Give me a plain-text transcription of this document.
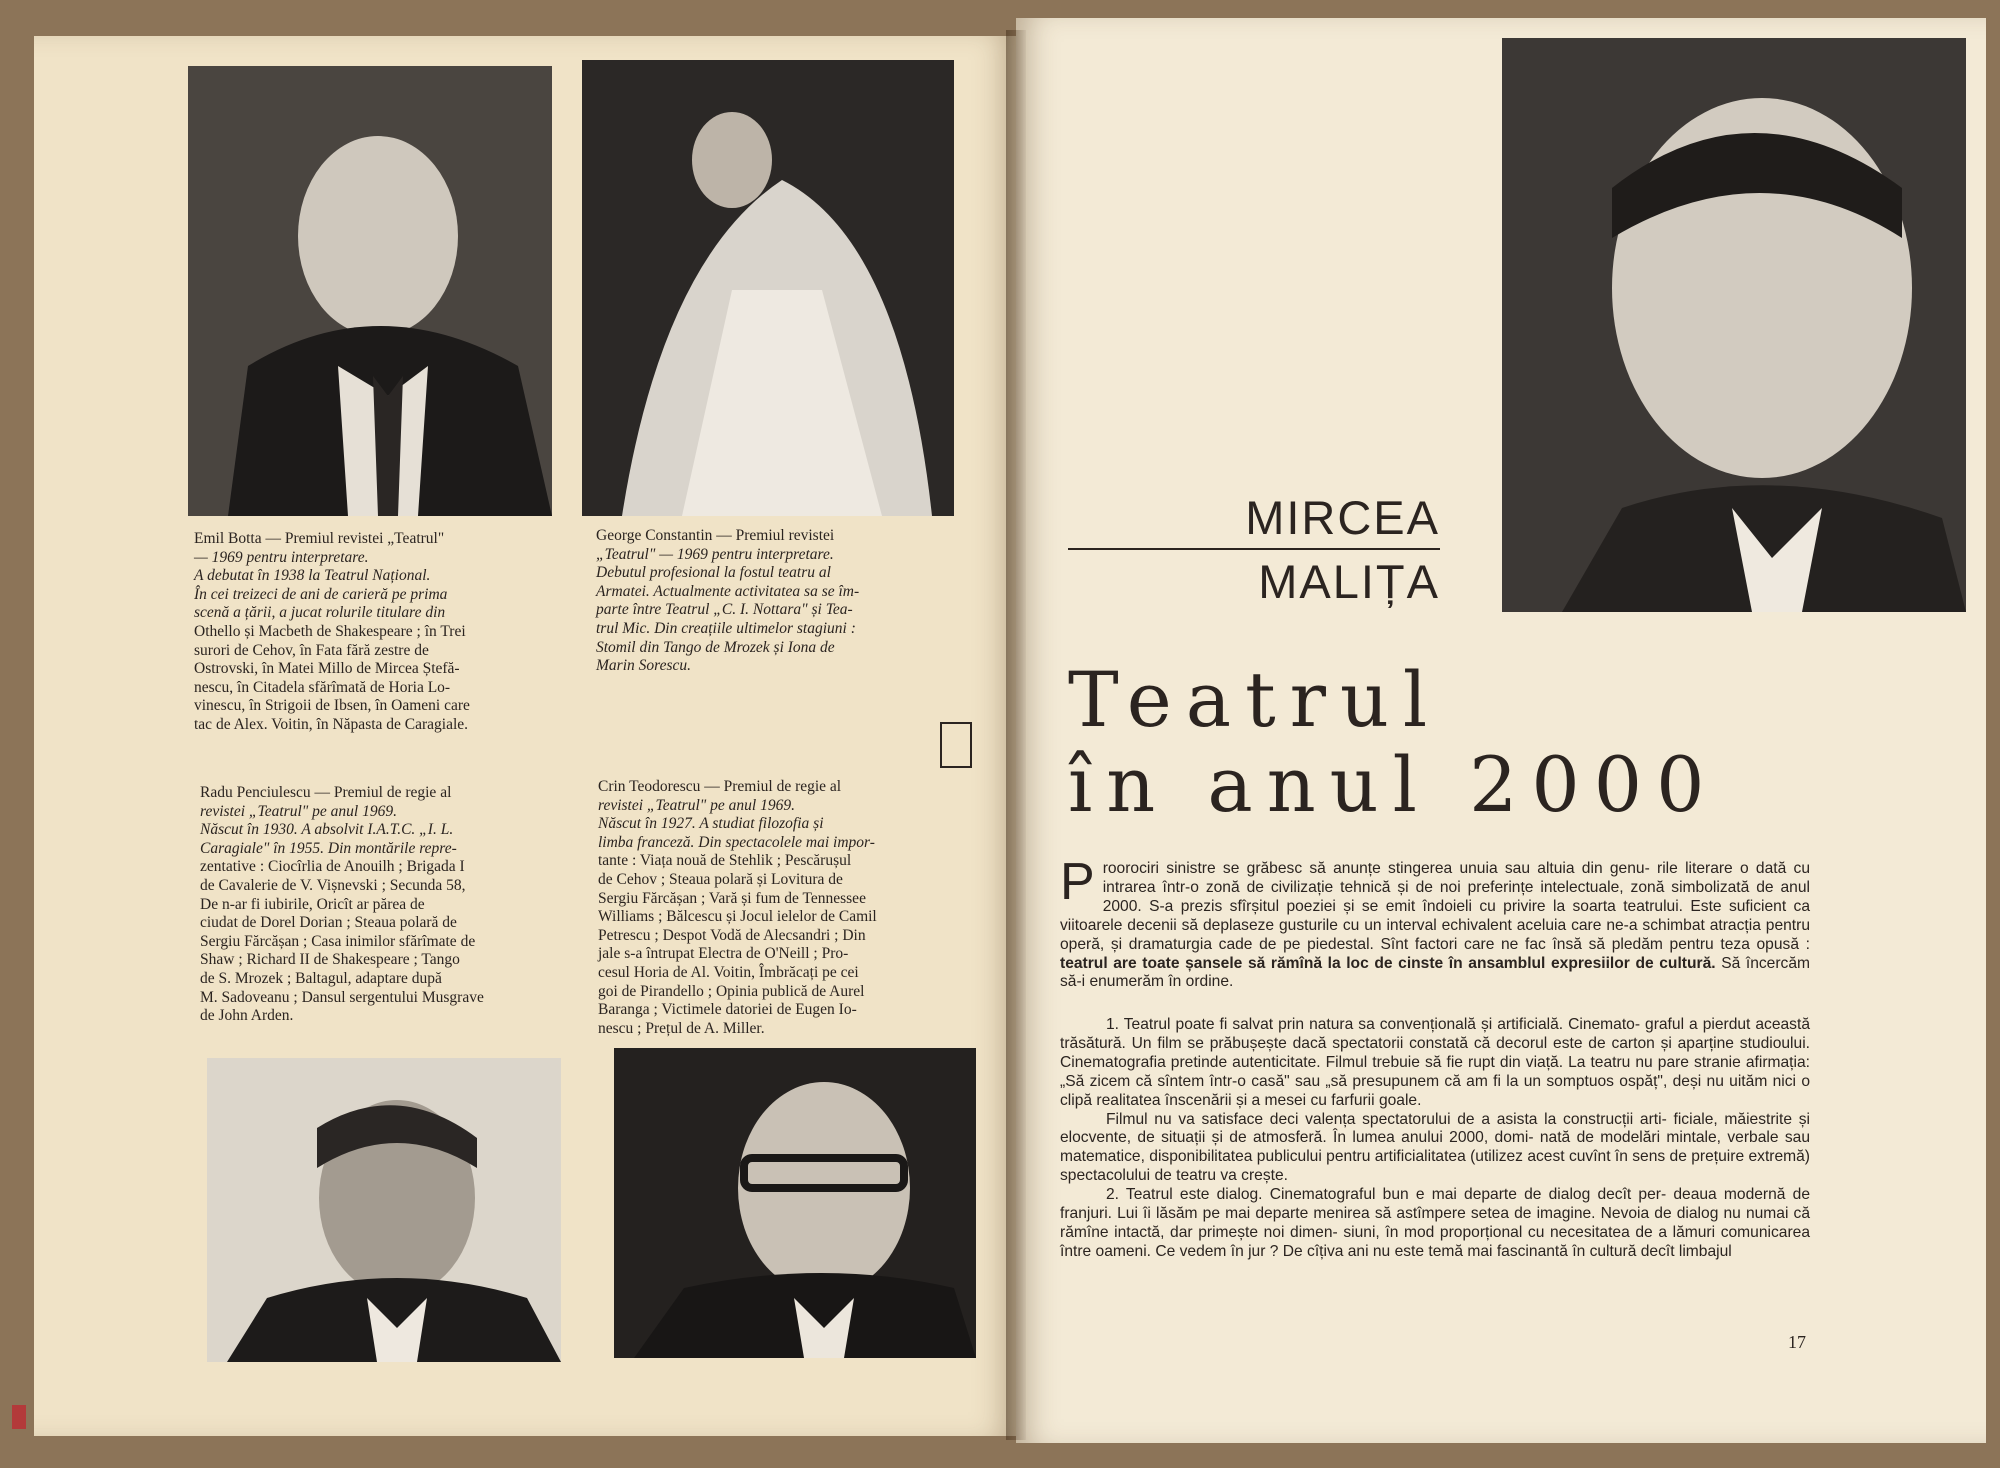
Emil Botta — Premiul revistei „Teatrul"
— 1969 pentru interpretare.
A debutat în 1938 la Teatrul Național.
În cei treizeci de ani de carieră pe prima
scenă a țării, a jucat rolurile titulare din
Othello și Macbeth de Shakespeare ; în Trei
surori de Cehov, în Fata fără zestre de
Ostrovski, în Matei Millo de Mircea Ștefă-
nescu, în Citadela sfărîmată de Horia Lo-
vinescu, în Strigoii de Ibsen, în Oameni care
tac de Alex. Voitin, în Năpasta de Caragiale.
George Constantin — Premiul revistei
„Teatrul" — 1969 pentru interpretare.
Debutul profesional la fostul teatru al
Armatei. Actualmente activitatea sa se îm-
parte între Teatrul „C. I. Nottara" și Tea-
trul Mic. Din creațiile ultimelor stagiuni :
Stomil din Tango de Mrozek și Iona de
Marin Sorescu.
Radu Penciulescu — Premiul de regie al
revistei „Teatrul" pe anul 1969.
Născut în 1930. A absolvit I.A.T.C. „I. L.
Caragiale" în 1955. Din montările repre-
zentative : Ciocîrlia de Anouilh ; Brigada I
de Cavalerie de V. Vișnevski ; Secunda 58,
De n-ar fi iubirile, Oricît ar părea de
ciudat de Dorel Dorian ; Steaua polară de
Sergiu Fărcășan ; Casa inimilor sfărîmate de
Shaw ; Richard II de Shakespeare ; Tango
de S. Mrozek ; Baltagul, adaptare după
M. Sadoveanu ; Dansul sergentului Musgrave
de John Arden.
Crin Teodorescu — Premiul de regie al
revistei „Teatrul" pe anul 1969.
Născut în 1927. A studiat filozofia și
limba franceză. Din spectacolele mai impor-
tante : Viața nouă de Stehlik ; Pescărușul
de Cehov ; Steaua polară și Lovitura de
Sergiu Fărcășan ; Vară și fum de Tennessee
Williams ; Bălcescu și Jocul ielelor de Camil
Petrescu ; Despot Vodă de Alecsandri ; Din
jale s-a întrupat Electra de O'Neill ; Pro-
cesul Horia de Al. Voitin, Îmbrăcați pe cei
goi de Pirandello ; Opinia publică de Aurel
Baranga ; Victimele datoriei de Eugen Io-
nescu ; Prețul de A. Miller.
MIRCEA
MALIȚA
Teatrul
în anul 2000
Proorociri sinistre se grăbesc să anunțe stingerea unuia sau altuia din genu- rile literare o dată cu intrarea într-o zonă de civilizație tehnică și de noi preferințe intelectuale, zonă simbolizată de anul 2000. S-a prezis sfîrșitul poeziei și se emit îndoieli cu privire la soarta teatrului. Este suficient ca viitoarele decenii să deplaseze gusturile cu un interval echivalent aceluia care ne-a schimbat atracția pentru operă, și dramaturgia cade de pe piedestal. Sînt factori care ne fac însă să pledăm pentru teza opusă : teatrul are toate șansele să rămînă la loc de cinste în ansamblul expresiilor de cultură. Să încercăm să-i enumerăm în ordine.

1. Teatrul poate fi salvat prin natura sa convențională și artificială. Cinemato- graful a pierdut această trăsătură. Un film se prăbușește dacă spectatorii constată că decorul este de carton și aparține studioului. Cinematografia pretinde autenticitate. Filmul trebuie să fie rupt din viață. La teatru nu pare stranie afirmația: „Să zicem că sîntem într-o casă" sau „să presupunem că am fi la un somptuos ospăț", deși nu uităm nici o clipă realitatea înscenării și a mesei cu farfurii goale.

Filmul nu va satisface deci valența spectatorului de a asista la construcții arti- ficiale, măiestrite și elocvente, de situații și de atmosferă. În lumea anului 2000, domi- nată de modelări mintale, verbale sau matematice, disponibilitatea publicului pentru artificialitatea (utilizez acest cuvînt în sens de prețuire extremă) spectacolului de teatru va crește.

2. Teatrul este dialog. Cinematograful bun e mai departe de dialog decît per- deaua modernă de franjuri. Lui îi lăsăm pe mai departe menirea să astîmpere setea de imagine. Nevoia de dialog nu numai că rămîne intactă, dar primește noi dimen- siuni, în mod proporțional cu necesitatea de a lămuri comunicarea între oameni. Ce vedem în jur ? De cîțiva ani nu este temă mai fascinantă în cultură decît limbajul

17
